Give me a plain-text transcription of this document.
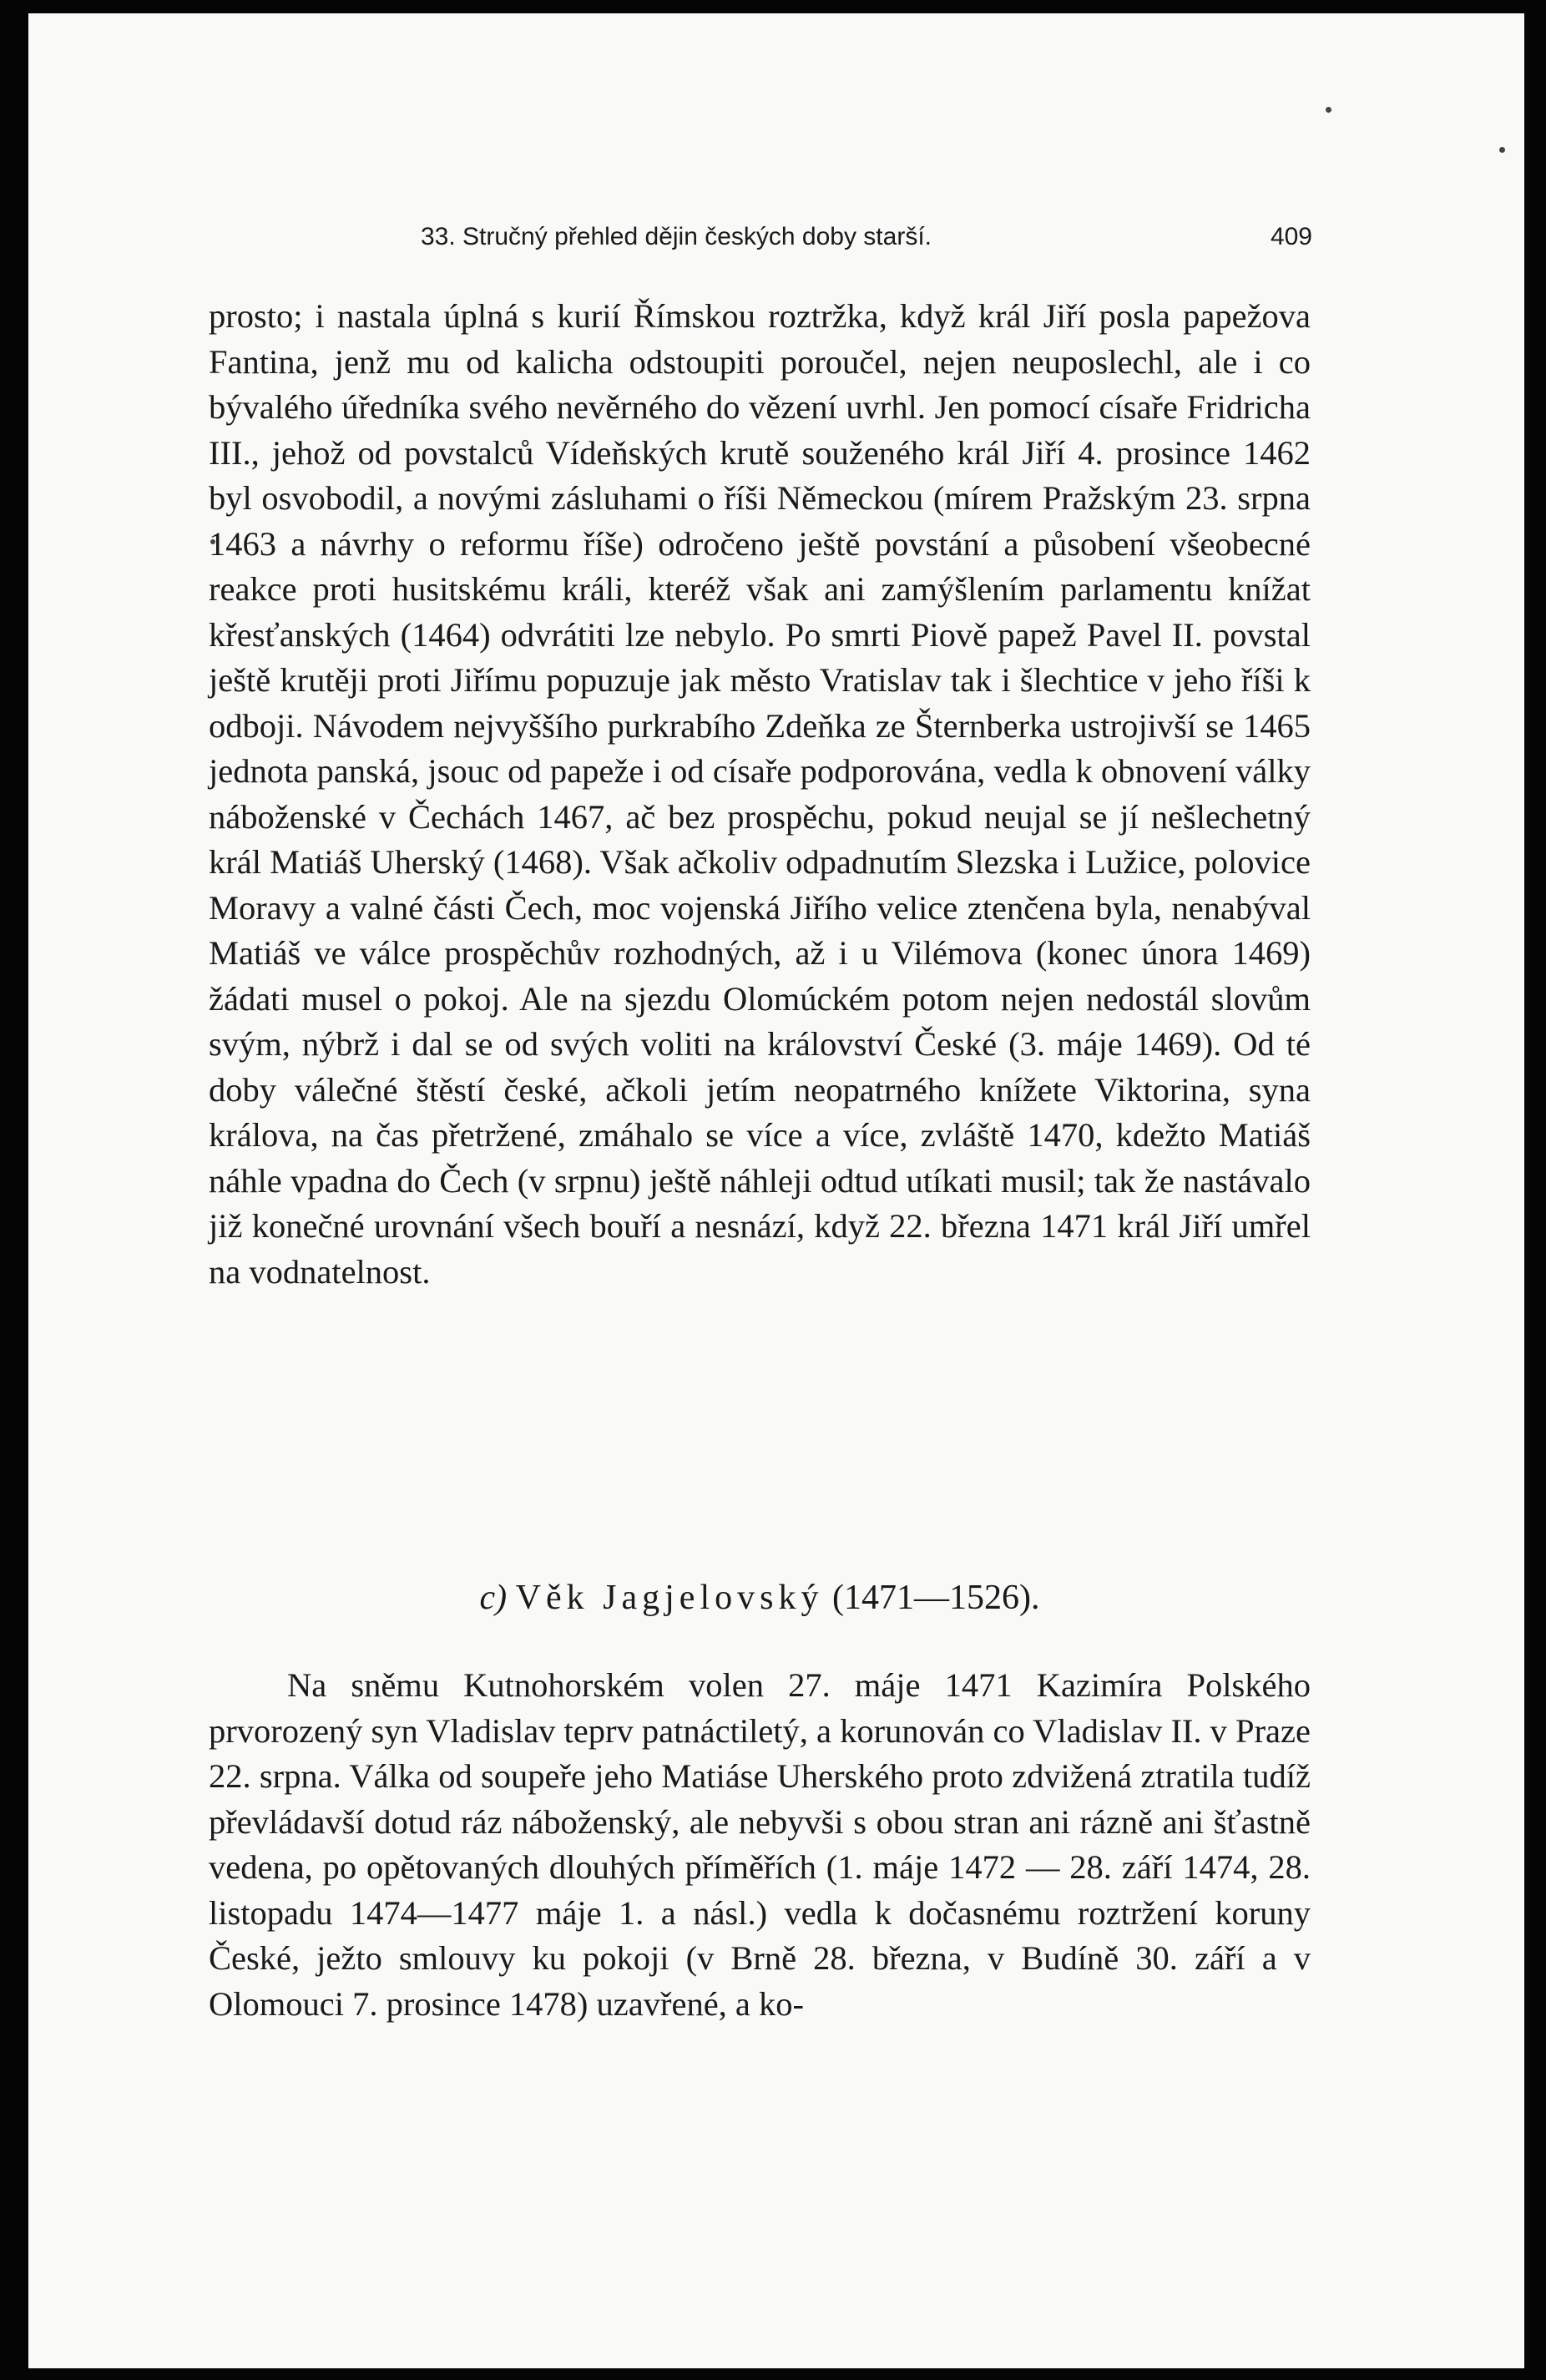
33. Stručný přehled dějin českých doby starší.	409

prosto; i nastala úplná s kurií Římskou roztržka, když král Jiří posla papežova Fantina, jenž mu od kalicha odstoupiti poroučel, nejen neuposlechl, ale i co bývalého úředníka svého nevěrného do vězení uvrhl. Jen pomocí císaře Fridricha III., jehož od povstalců Vídeňských krutě souženého král Jiří 4. prosince 1462 byl osvobodil, a novými zásluhami o říši Německou (mírem Pražským 23. srpna 1463 a návrhy o reformu říše) odročeno ještě povstání a působení všeobecné reakce proti husitskému králi, kteréž však ani zamýšlením parlamentu knížat křesťanských (1464) odvrátiti lze nebylo. Po smrti Piově papež Pavel II. povstal ještě krutěji proti Jiřímu popuzuje jak město Vratislav tak i šlechtice v jeho říši k odboji. Návodem nejvyššího purkrabího Zdeňka ze Šternberka ustrojivší se 1465 jednota panská, jsouc od papeže i od císaře podporována, vedla k obnovení války náboženské v Čechách 1467, ač bez prospěchu, pokud neujal se jí nešlechetný král Matiáš Uherský (1468). Však ačkoliv odpadnutím Slezska i Lužice, polovice Moravy a valné části Čech, moc vojenská Jiřího velice ztenčena byla, nenabýval Matiáš ve válce prospěchův rozhodných, až i u Vilémova (konec února 1469) žádati musel o pokoj. Ale na sjezdu Olomúckém potom nejen nedostál slovům svým, nýbrž i dal se od svých voliti na království České (3. máje 1469). Od té doby válečné štěstí české, ačkoli jetím neopatrného knížete Viktorina, syna králova, na čas přetržené, zmáhalo se více a více, zvláště 1470, kdežto Matiáš náhle vpadna do Čech (v srpnu) ještě náhleji odtud utíkati musil; tak že nastávalo již konečné urovnání všech bouří a nesnází, když 22. března 1471 král Jiří umřel na vodnatelnost.

c) Věk Jagjelovský (1471—1526).

Na sněmu Kutnohorském volen 27. máje 1471 Kazimíra Polského prvorozený syn Vladislav teprv patnáctiletý, a korunován co Vladislav II. v Praze 22. srpna. Válka od soupeře jeho Matiáse Uherského proto zdvižená ztratila tudíž převládavší dotud ráz náboženský, ale nebyvši s obou stran ani rázně ani šťastně vedena, po opětovaných dlouhých příměřích (1. máje 1472 — 28. září 1474, 28. listopadu 1474—1477 máje 1. a násl.) vedla k dočasnému roztržení koruny České, ježto smlouvy ku pokoji (v Brně 28. března, v Budíně 30. září a v Olomouci 7. prosince 1478) uzavřené, a ko-
